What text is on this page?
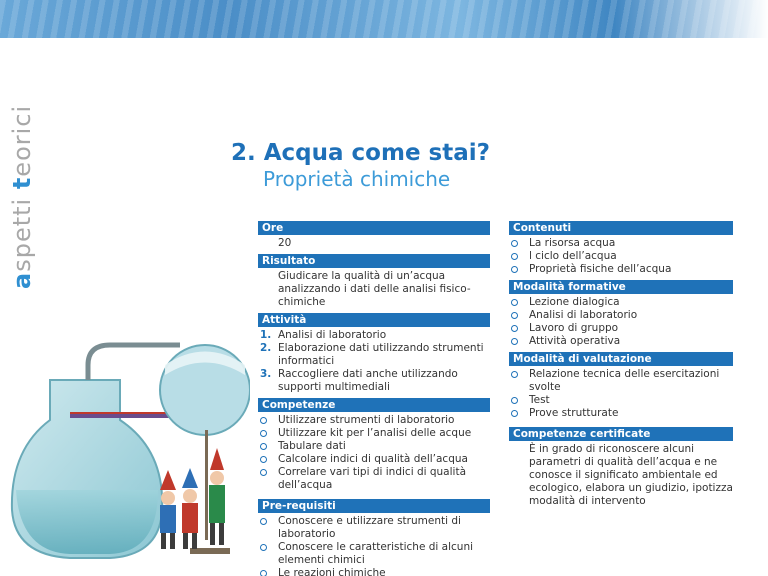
aspetti teorici	2. Acqua come stai?
Proprietà chimiche
Ore
20
Risultato
Giudicare la qualità di un’acqua analizzando i dati delle analisi fisico-chimiche
Attività
1. Analisi di laboratorio
2. Elaborazione dati utilizzando strumenti informatici
3. Raccogliere dati anche utilizzando supporti multimediali
Competenze
Utilizzare strumenti di laboratorio
Utilizzare kit per l’analisi delle acque
Tabulare dati
Calcolare indici di qualità dell’acqua
Correlare vari tipi di indici di qualità dell’acqua
Pre-requisiti
Conoscere e utilizzare strumenti di laboratorio
Conoscere le caratteristiche di alcuni elementi chimici
Le reazioni chimiche
Contenuti
La risorsa acqua
l ciclo dell’acqua
Proprietà fisiche dell’acqua
Modalità formative
Lezione dialogica
Analisi di laboratorio
Lavoro di gruppo
Attività operativa
Modalità di valutazione
Relazione tecnica delle esercitazioni svolte
Test
Prove strutturate
Competenze certificate
È in grado di riconoscere alcuni parametri di qualità dell’acqua e ne conosce il significato ambientale ed ecologico, elabora un giudizio, ipotizza modalità di intervento
